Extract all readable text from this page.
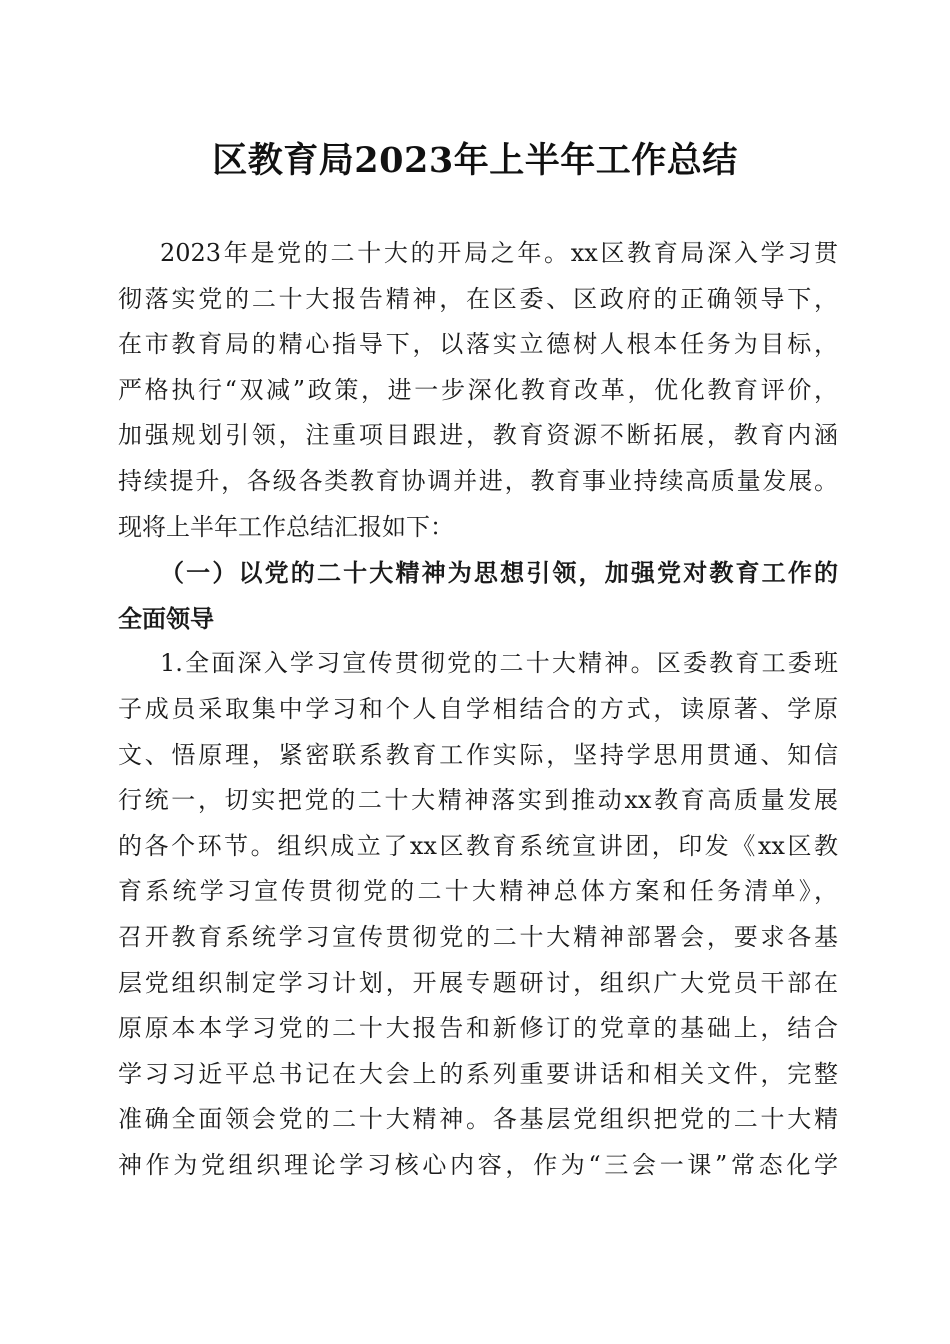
区教育局2023年上半年工作总结
2023年是党的二十大的开局之年。xx区教育局深入学习贯
彻落实党的二十大报告精神，在区委、区政府的正确领导下，
在市教育局的精心指导下，以落实立德树人根本任务为目标，
严格执行“双减”政策，进一步深化教育改革，优化教育评价，
加强规划引领，注重项目跟进，教育资源不断拓展，教育内涵
持续提升，各级各类教育协调并进，教育事业持续高质量发展。
现将上半年工作总结汇报如下：
（一）以党的二十大精神为思想引领，加强党对教育工作的
全面领导
1.全面深入学习宣传贯彻党的二十大精神。区委教育工委班
子成员采取集中学习和个人自学相结合的方式，读原著、学原
文、悟原理，紧密联系教育工作实际，坚持学思用贯通、知信
行统一，切实把党的二十大精神落实到推动xx教育高质量发展
的各个环节。组织成立了xx区教育系统宣讲团，印发《xx区教
育系统学习宣传贯彻党的二十大精神总体方案和任务清单》，
召开教育系统学习宣传贯彻党的二十大精神部署会，要求各基
层党组织制定学习计划，开展专题研讨，组织广大党员干部在
原原本本学习党的二十大报告和新修订的党章的基础上，结合
学习习近平总书记在大会上的系列重要讲话和相关文件，完整
准确全面领会党的二十大精神。各基层党组织把党的二十大精
神作为党组织理论学习核心内容，作为“三会一课”常态化学
